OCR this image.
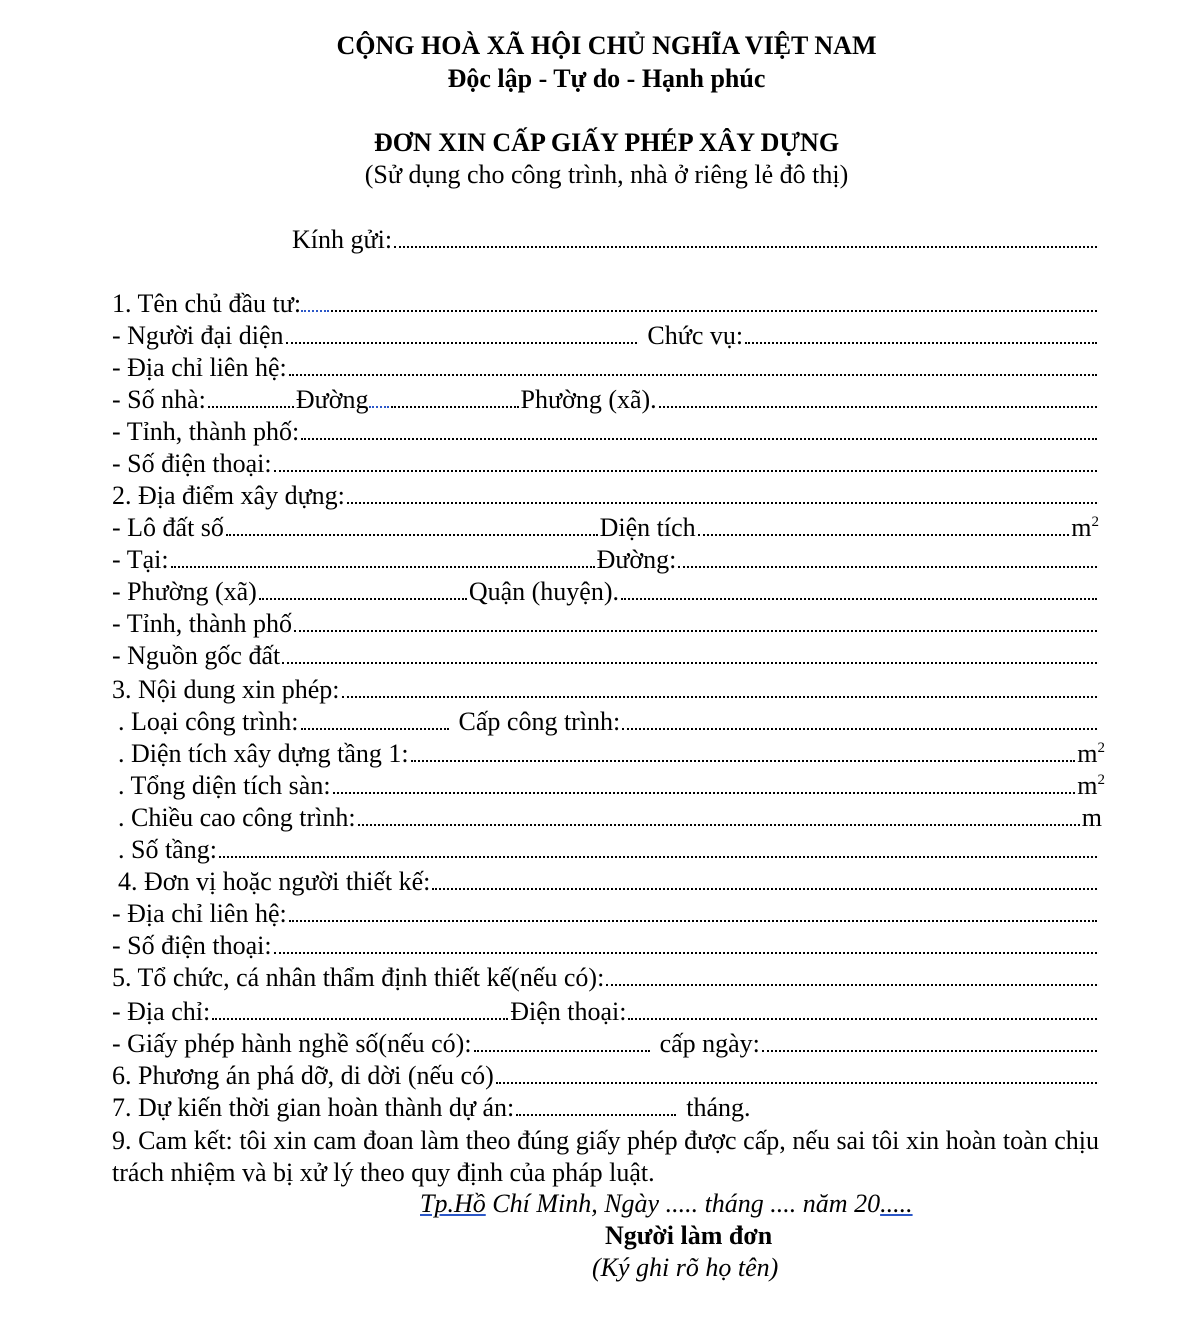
CỘNG HOÀ XÃ HỘI CHỦ NGHĨA VIỆT NAM
Độc lập - Tự do - Hạnh phúc
ĐƠN XIN CẤP GIẤY PHÉP XÂY DỰNG
(Sử dụng cho công trình, nhà ở riêng lẻ đô thị)
Kính gửi:
1. Tên chủ đầu tư:
- Người đại diện	Chức vụ:
- Địa chỉ liên hệ:
- Số nhà:	Đường	Phường (xã).
- Tỉnh, thành phố:
- Số điện thoại:
2. Địa điểm xây dựng:
- Lô đất số	Diện tích	$m^2$
- Tại:	Đường:
- Phường (xã)	Quận (huyện).
- Tỉnh, thành phố
- Nguồn gốc đất
3. Nội dung xin phép:
. Loại công trình:	Cấp công trình:
. Diện tích xây dựng tầng 1:	$m^2$
. Tổng diện tích sàn:	$m^2$
. Chiều cao công trình:	m
. Số tầng:
4. Đơn vị hoặc người thiết kế:
- Địa chỉ liên hệ:
- Số điện thoại:
5. Tổ chức, cá nhân thẩm định thiết kế(nếu có):
- Địa chỉ:	Điện thoại:
- Giấy phép hành nghề số(nếu có):	cấp ngày:
6. Phương án phá dỡ, di dời (nếu có)
7. Dự kiến thời gian hoàn thành dự án:	tháng.
9. Cam kết: tôi xin cam đoan làm theo đúng giấy phép được cấp, nếu sai tôi xin hoàn toàn chịu trách nhiệm và bị xử lý theo quy định của pháp luật.
Tp.Hồ Chí Minh, Ngày ..... tháng .... năm 20.....
Người làm đơn
(Ký ghi rõ họ tên)
